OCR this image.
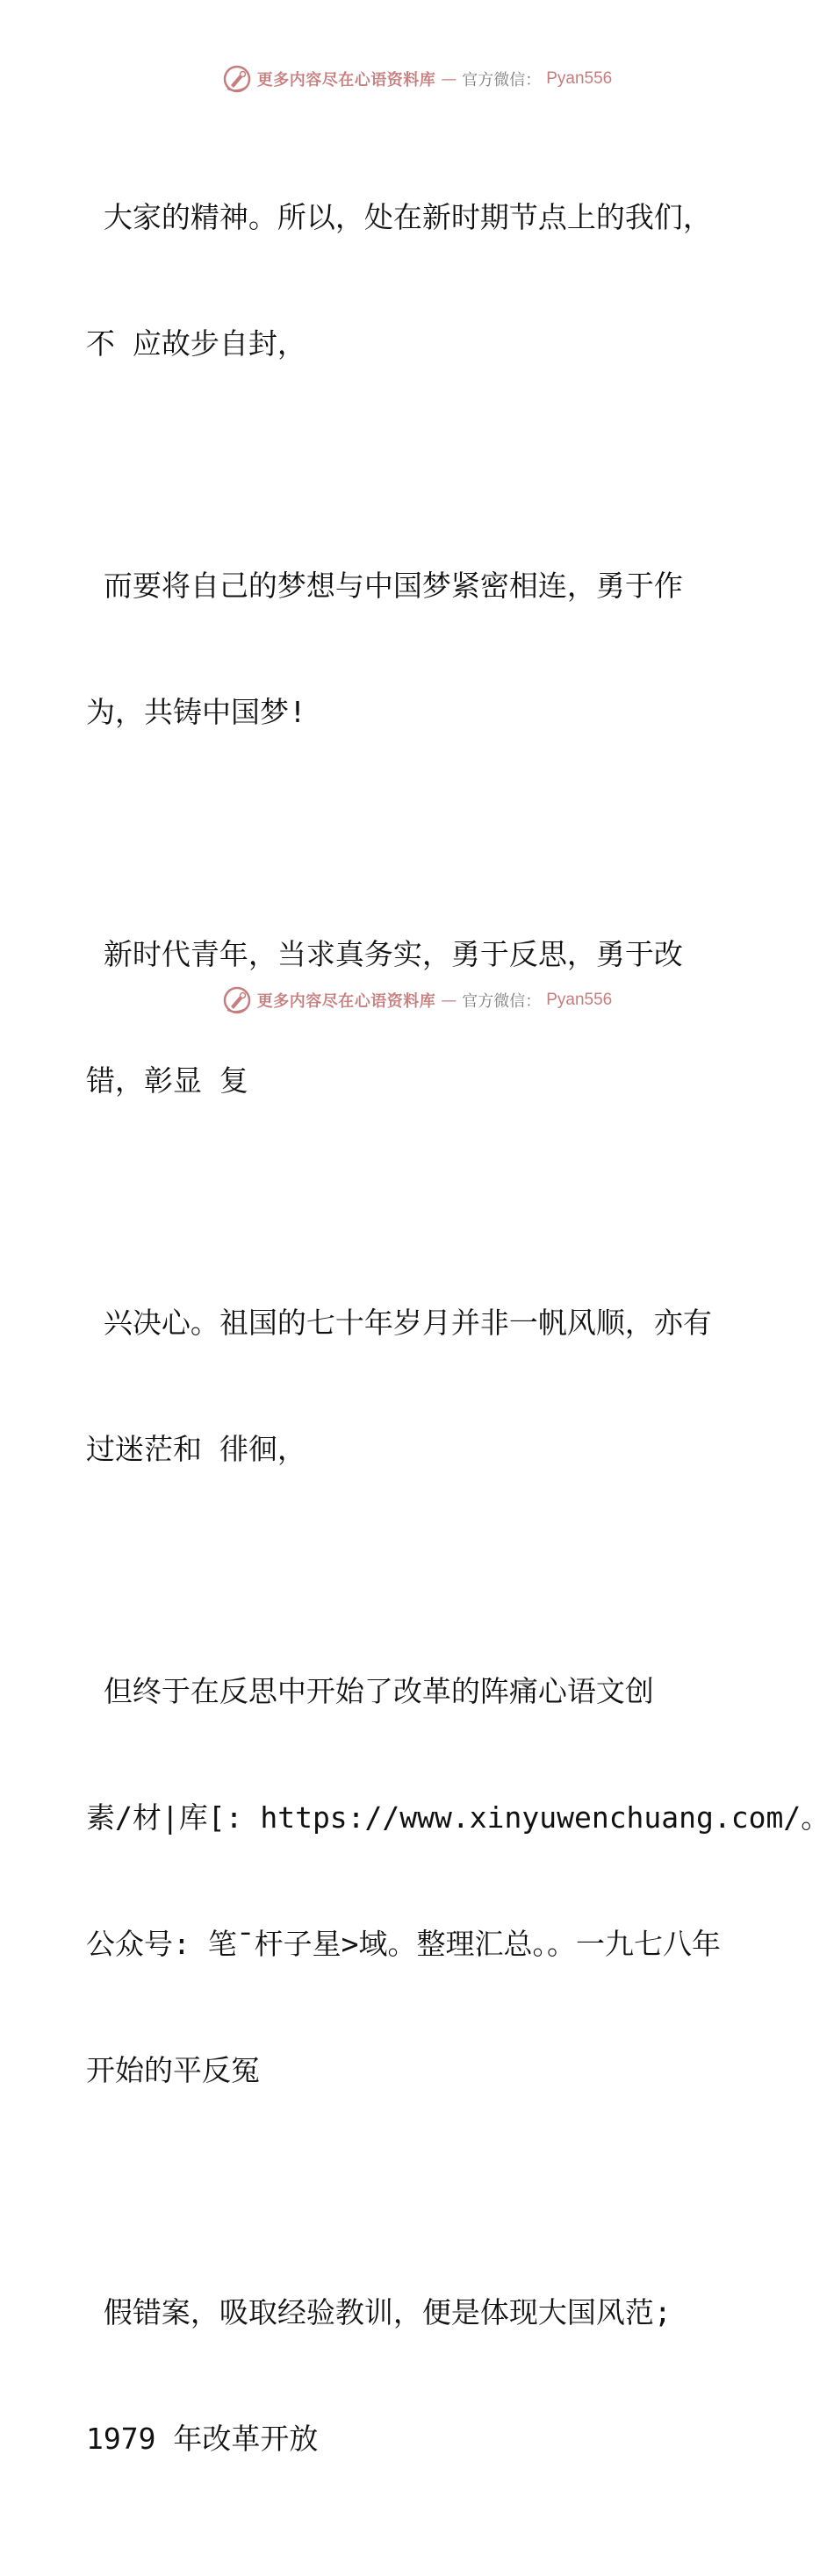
更多内容尽在心语资料库 — 官方微信： Pyan556

大家的精神。所以，处在新时期节点上的我们，

不 应故步自封，

而要将自己的梦想与中国梦紧密相连，勇于作

为，共铸中国梦!

新时代青年，当求真务实，勇于反思，勇于改

错，彰显 复

兴决心。祖国的七十年岁月并非一帆风顺，亦有

过迷茫和 徘徊，

但终于在反思中开始了改革的阵痛心语文创

素/材|库[: https://www.xinyuwenchuang.com/。

公众号: 笔¯杆子星>域。整理汇总。。一九七八年

开始的平反冤

假错案，吸取经验教训，便是体现大国风范;

1979 年改革开放

更多内容尽在心语资料库 — 官方微信： Pyan556
